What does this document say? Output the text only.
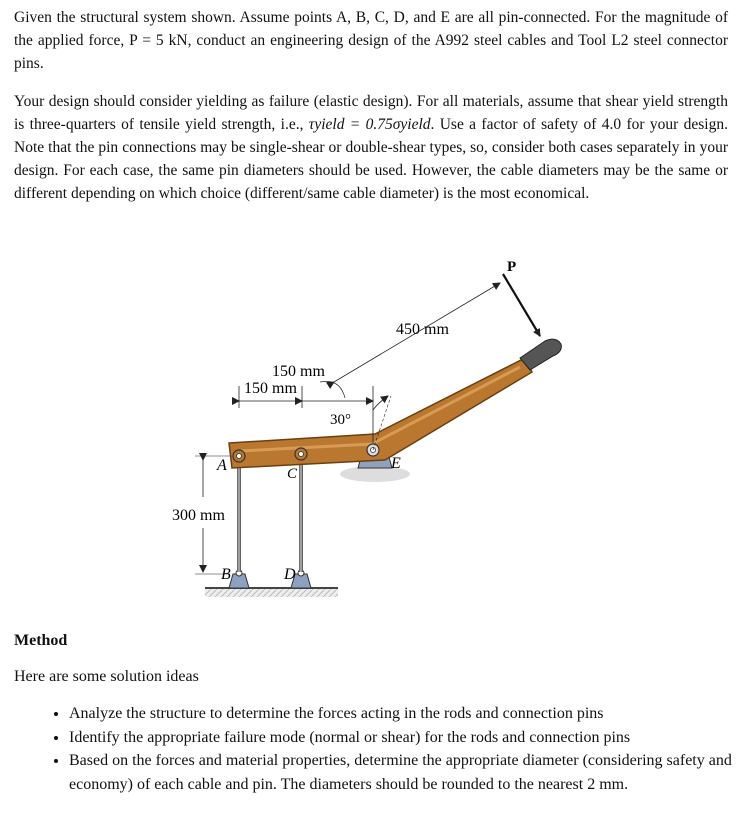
Given the structural system shown. Assume points A, B, C, D, and E are all pin-connected. For the magnitude of the applied force, P = 5 kN, conduct an engineering design of the A992 steel cables and Tool L2 steel connector pins.

Your design should consider yielding as failure (elastic design). For all materials, assume that shear yield strength is three-quarters of tensile yield strength, i.e., τyield = 0.75σyield. Use a factor of safety of 4.0 for your design. Note that the pin connections may be single-shear or double-shear types, so, consider both cases separately in your design. For each case, the same pin diameters should be used. However, the cable diameters may be the same or different depending on which choice (different/same cable diameter) is the most economical.

P
450 mm
150 mm
150 mm
30°
300 mm
A
B
C
D
E

Method

Here are some solution ideas

• Analyze the structure to determine the forces acting in the rods and connection pins
• Identify the appropriate failure mode (normal or shear) for the rods and connection pins
• Based on the forces and material properties, determine the appropriate diameter (considering safety and economy) of each cable and pin. The diameters should be rounded to the nearest 2 mm.
